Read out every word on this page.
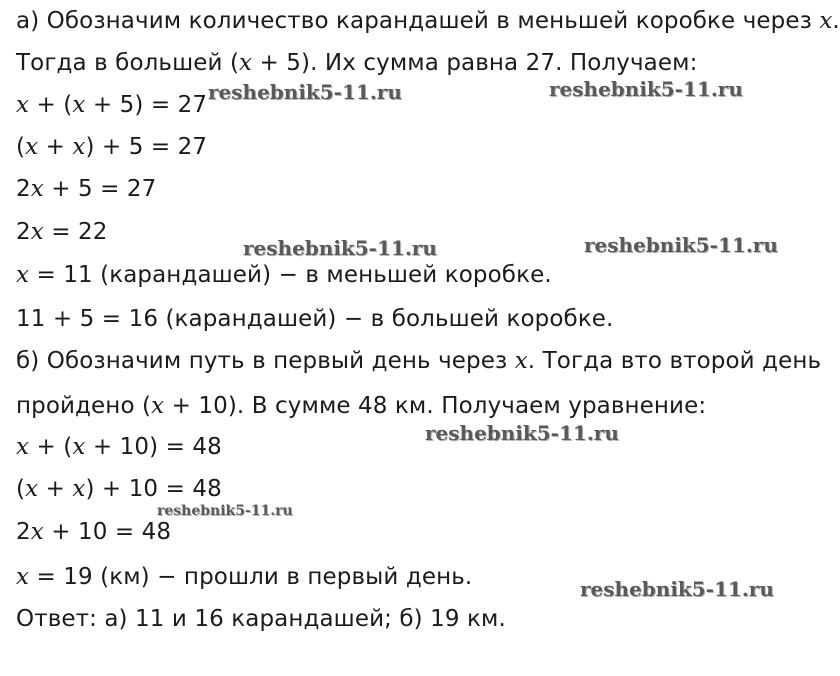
а) Обозначим количество карандашей в меньшей коробке через x.
Тогда в большей (x + 5). Их сумма равна 27. Получаем:
x + (x + 5) = 27
(x + x) + 5 = 27
2x + 5 = 27
2x = 22
x = 11 (карандашей) − в меньшей коробке.
11 + 5 = 16 (карандашей) − в большей коробке.
б) Обозначим путь в первый день через x. Тогда вто второй день
пройдено (x + 10). В сумме 48 км. Получаем уравнение:
x + (x + 10) = 48
(x + x) + 10 = 48
2x + 10 = 48
x = 19 (км) − прошли в первый день.
Ответ: а) 11 и 16 карандашей; б) 19 км.
reshebnik5-11.ru	reshebnik5-11.ru
reshebnik5-11.ru	reshebnik5-11.ru
reshebnik5-11.ru
reshebnik5-11.ru
reshebnik5-11.ru
